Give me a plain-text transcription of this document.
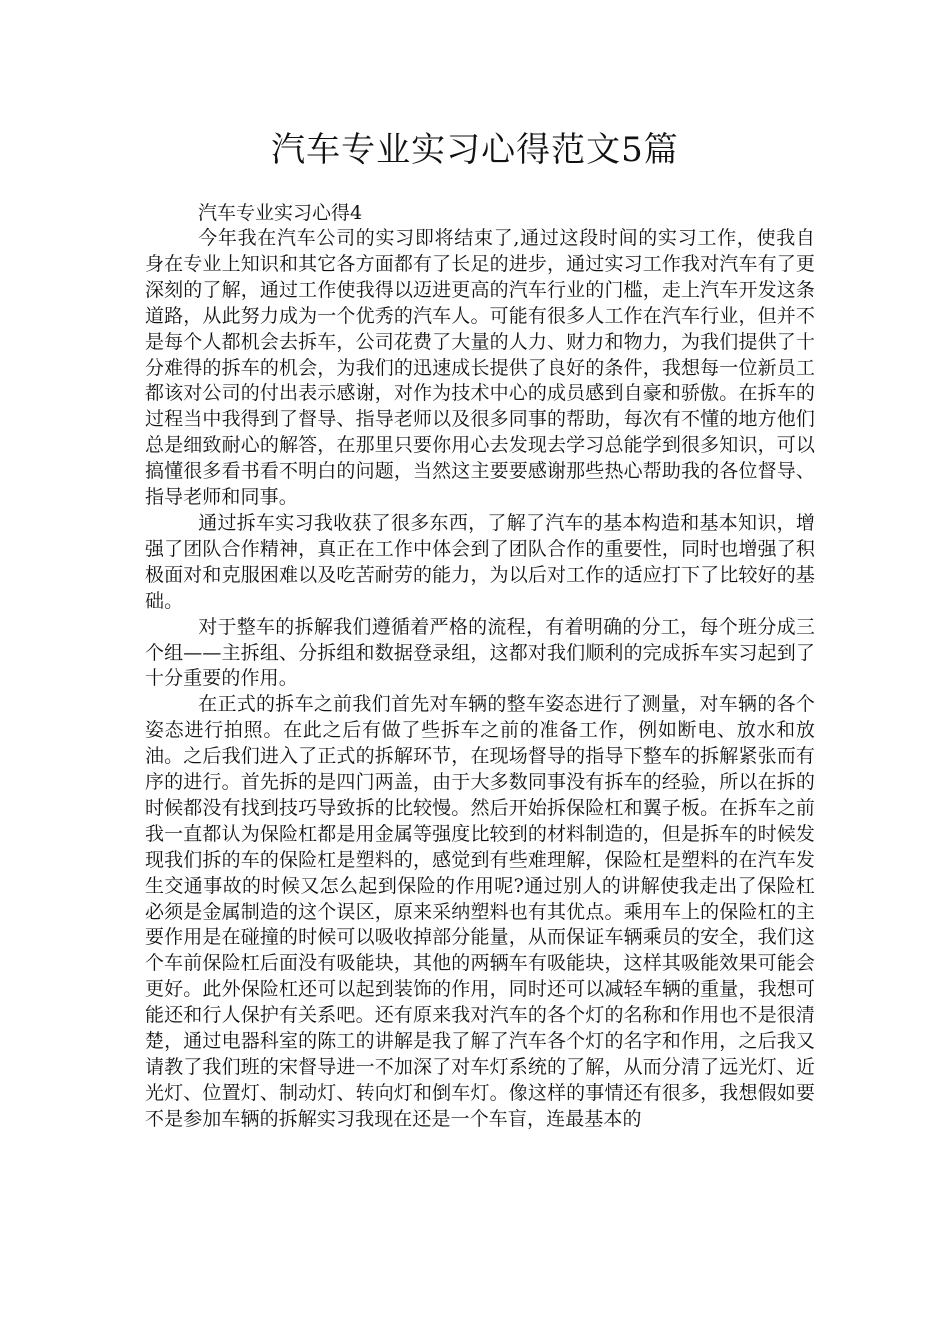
汽车专业实习心得范文5篇
汽车专业实习心得4

今年我在汽车公司的实习即将结束了,通过这段时间的实习工作，使我自身在专业上知识和其它各方面都有了长足的进步，通过实习工作我对汽车有了更深刻的了解，通过工作使我得以迈进更高的汽车行业的门槛，走上汽车开发这条道路，从此努力成为一个优秀的汽车人。可能有很多人工作在汽车行业，但并不是每个人都机会去拆车，公司花费了大量的人力、财力和物力，为我们提供了十分难得的拆车的机会，为我们的迅速成长提供了良好的条件，我想每一位新员工都该对公司的付出表示感谢，对作为技术中心的成员感到自豪和骄傲。在拆车的过程当中我得到了督导、指导老师以及很多同事的帮助，每次有不懂的地方他们总是细致耐心的解答，在那里只要你用心去发现去学习总能学到很多知识，可以搞懂很多看书看不明白的问题，当然这主要要感谢那些热心帮助我的各位督导、指导老师和同事。

通过拆车实习我收获了很多东西，了解了汽车的基本构造和基本知识，增强了团队合作精神，真正在工作中体会到了团队合作的重要性，同时也增强了积极面对和克服困难以及吃苦耐劳的能力，为以后对工作的适应打下了比较好的基础。

对于整车的拆解我们遵循着严格的流程，有着明确的分工，每个班分成三个组——主拆组、分拆组和数据登录组，这都对我们顺利的完成拆车实习起到了十分重要的作用。

在正式的拆车之前我们首先对车辆的整车姿态进行了测量，对车辆的各个姿态进行拍照。在此之后有做了些拆车之前的准备工作，例如断电、放水和放油。之后我们进入了正式的拆解环节，在现场督导的指导下整车的拆解紧张而有序的进行。首先拆的是四门两盖，由于大多数同事没有拆车的经验，所以在拆的时候都没有找到技巧导致拆的比较慢。然后开始拆保险杠和翼子板。在拆车之前我一直都认为保险杠都是用金属等强度比较到的材料制造的，但是拆车的时候发现我们拆的车的保险杠是塑料的，感觉到有些难理解，保险杠是塑料的在汽车发生交通事故的时候又怎么起到保险的作用呢?通过别人的讲解使我走出了保险杠必须是金属制造的这个误区，原来采纳塑料也有其优点。乘用车上的保险杠的主要作用是在碰撞的时候可以吸收掉部分能量，从而保证车辆乘员的安全，我们这个车前保险杠后面没有吸能块，其他的两辆车有吸能块，这样其吸能效果可能会更好。此外保险杠还可以起到装饰的作用，同时还可以减轻车辆的重量，我想可能还和行人保护有关系吧。还有原来我对汽车的各个灯的名称和作用也不是很清楚，通过电器科室的陈工的讲解是我了解了汽车各个灯的名字和作用，之后我又请教了我们班的宋督导进一不加深了对车灯系统的了解，从而分清了远光灯、近光灯、位置灯、制动灯、转向灯和倒车灯。像这样的事情还有很多，我想假如要不是参加车辆的拆解实习我现在还是一个车盲，连最基本的
